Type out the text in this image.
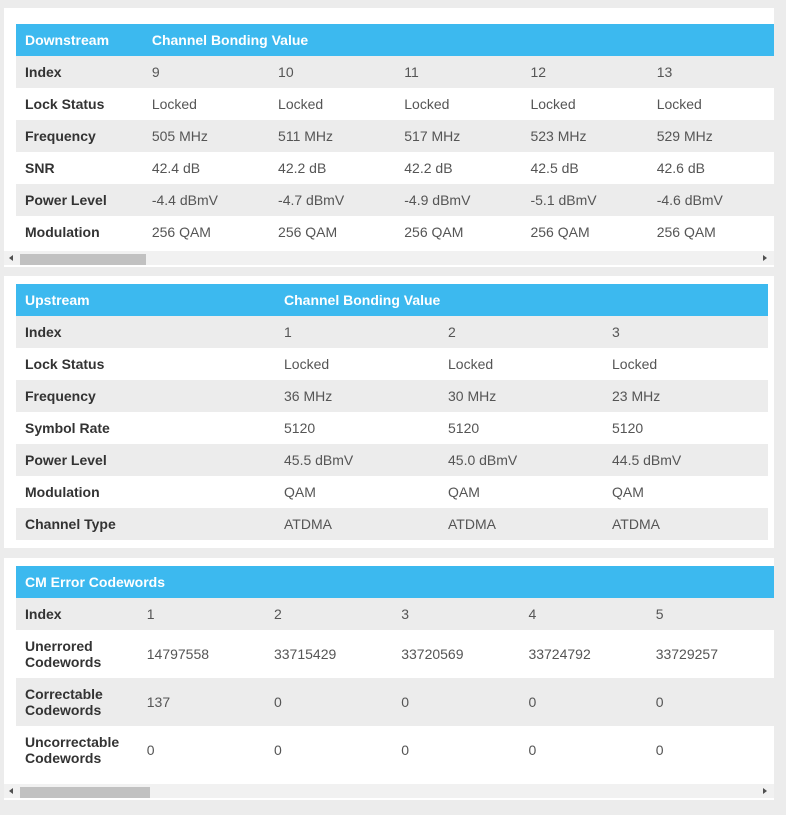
Downstream	Channel Bonding Value				
Index	9	10	11	12	13
Lock Status	Locked	Locked	Locked	Locked	Locked
Frequency	505 MHz	511 MHz	517 MHz	523 MHz	529 MHz
SNR	42.4 dB	42.2 dB	42.2 dB	42.5 dB	42.6 dB
Power Level	-4.4 dBmV	-4.7 dBmV	-4.9 dBmV	-5.1 dBmV	-4.6 dBmV
Modulation	256 QAM	256 QAM	256 QAM	256 QAM	256 QAM
Upstream	Channel Bonding Value		
Index	1	2	3
Lock Status	Locked	Locked	Locked
Frequency	36 MHz	30 MHz	23 MHz
Symbol Rate	5120	5120	5120
Power Level	45.5 dBmV	45.0 dBmV	44.5 dBmV
Modulation	QAM	QAM	QAM
Channel Type	ATDMA	ATDMA	ATDMA
CM Error Codewords					
Index	1	2	3	4	5
Unerrored
Codewords	14797558	33715429	33720569	33724792	33729257
Correctable
Codewords	137	0	0	0	0
Uncorrectable
Codewords	0	0	0	0	0
